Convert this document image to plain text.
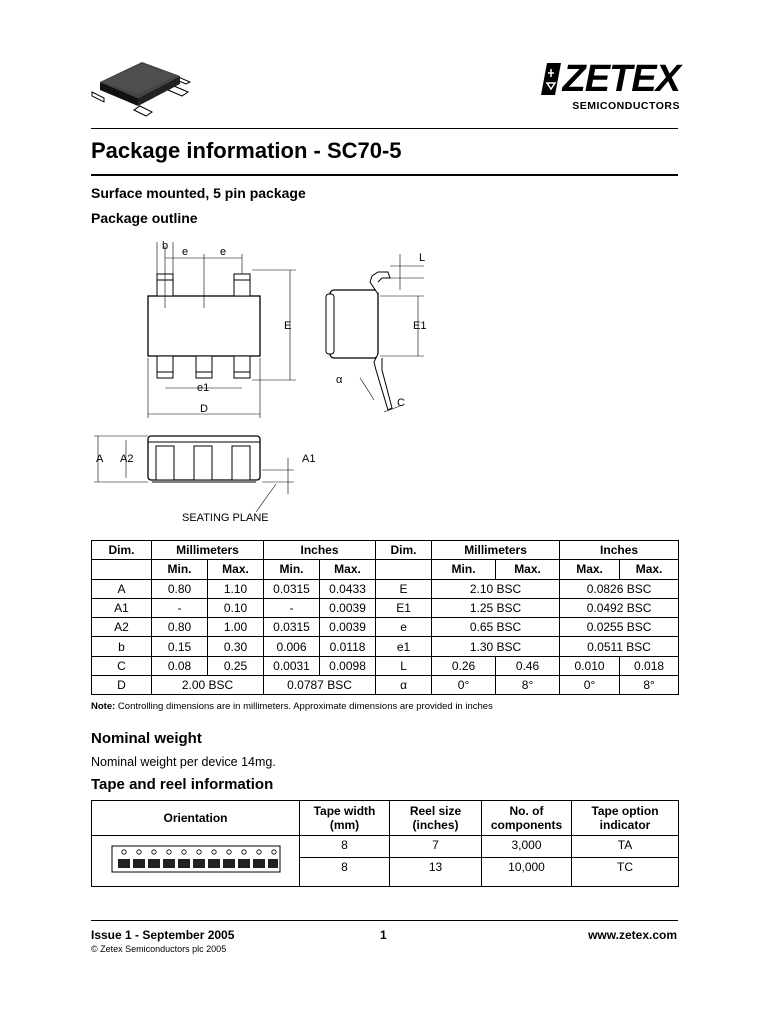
ZETEX
SEMICONDUCTORS
Package information - SC70-5
Surface mounted, 5 pin package
Package outline
b e	e
E
e1
D
L
E1
α
C
A A2	A1
SEATING PLANE
Dim.	Millimeters		Inches		Dim.	Millimeters		Inches	
	Min.	Max.	Min.	Max.		Min.	Max.	Max.	Max.
A	0.80	1.10	0.0315	0.0433	E	2.10 BSC		0.0826 BSC	
A1	-	0.10	-	0.0039	E1	1.25 BSC		0.0492 BSC	
A2	0.80	1.00	0.0315	0.0039	e	0.65 BSC		0.0255 BSC	
b	0.15	0.30	0.006	0.0118	e1	1.30 BSC		0.0511 BSC	
C	0.08	0.25	0.0031	0.0098	L	0.26	0.46	0.010	0.018
D	2.00 BSC		0.0787 BSC		α	0°	8°	0°	8°
Note: Controlling dimensions are in millimeters. Approximate dimensions are provided in inches
Nominal weight
Nominal weight per device 14mg.
Tape and reel information
Orientation	Tape width (mm)	Reel size (inches)	No. of components	Tape option indicator
	8	7	3,000	TA
	8	13	10,000	TC
Issue 1 - September 2005	1	www.zetex.com
© Zetex Semiconductors plc 2005
